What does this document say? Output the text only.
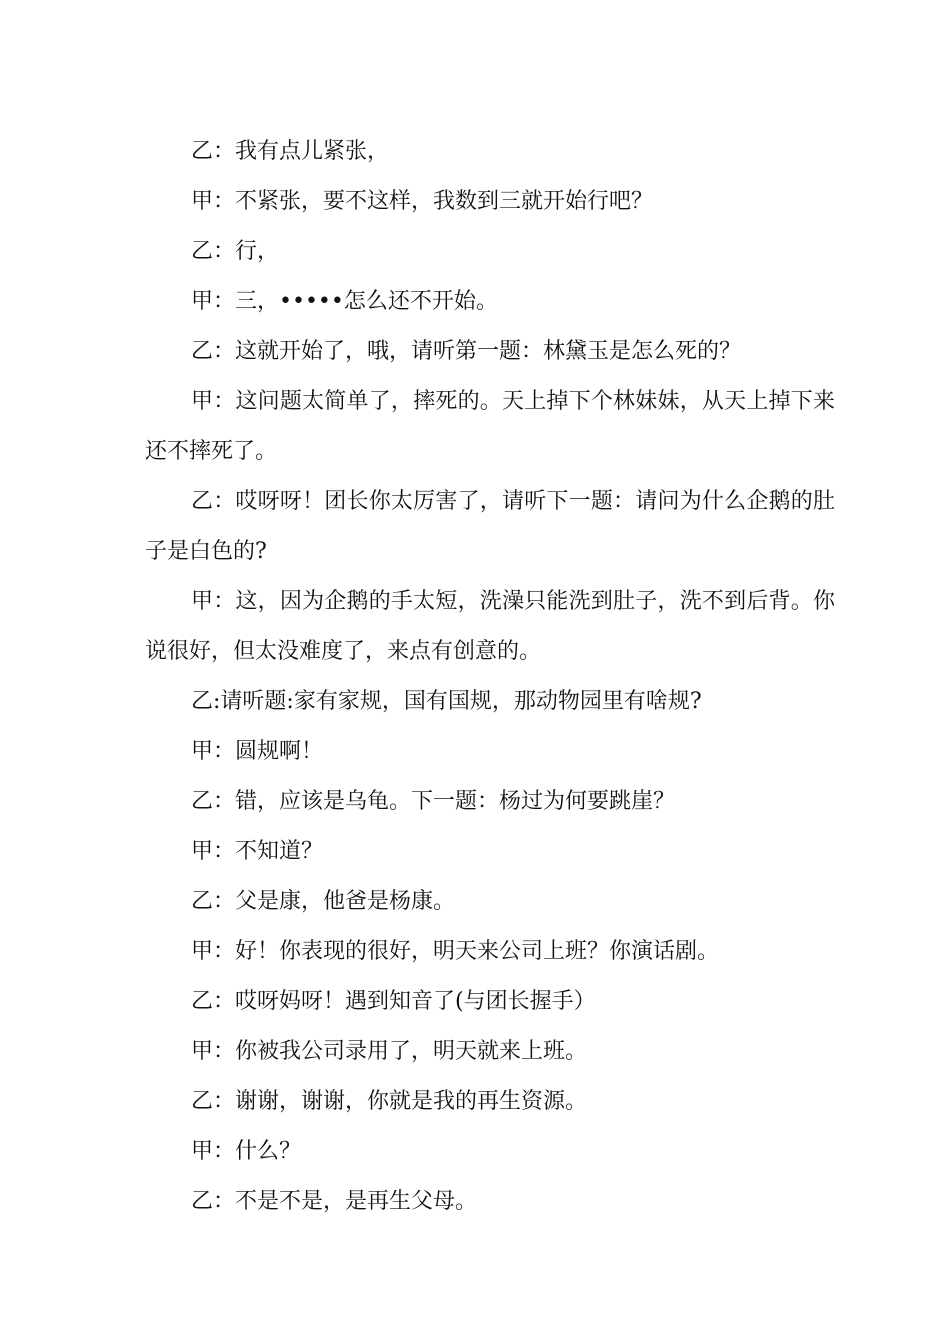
乙：我有点儿紧张，

甲：不紧张，要不这样，我数到三就开始行吧？

乙：行，

甲：三，•••••怎么还不开始。

乙：这就开始了，哦，请听第一题：林黛玉是怎么死的？

甲：这问题太简单了，摔死的。天上掉下个林妹妹，从天上掉下来还不摔死了。

乙：哎呀呀！团长你太厉害了，请听下一题：请问为什么企鹅的肚子是白色的?

甲：这，因为企鹅的手太短，洗澡只能洗到肚子，洗不到后背。你说很好，但太没难度了，来点有创意的。

乙:请听题:家有家规，国有国规，那动物园里有啥规?

甲：圆规啊！

乙：错，应该是乌龟。下一题：杨过为何要跳崖？

甲：不知道？

乙：父是康，他爸是杨康。

甲：好！你表现的很好，明天来公司上班？你演话剧。

乙：哎呀妈呀！遇到知音了(与团长握手）

甲：你被我公司录用了，明天就来上班。

乙：谢谢，谢谢，你就是我的再生资源。

甲：什么？

乙：不是不是，是再生父母。
